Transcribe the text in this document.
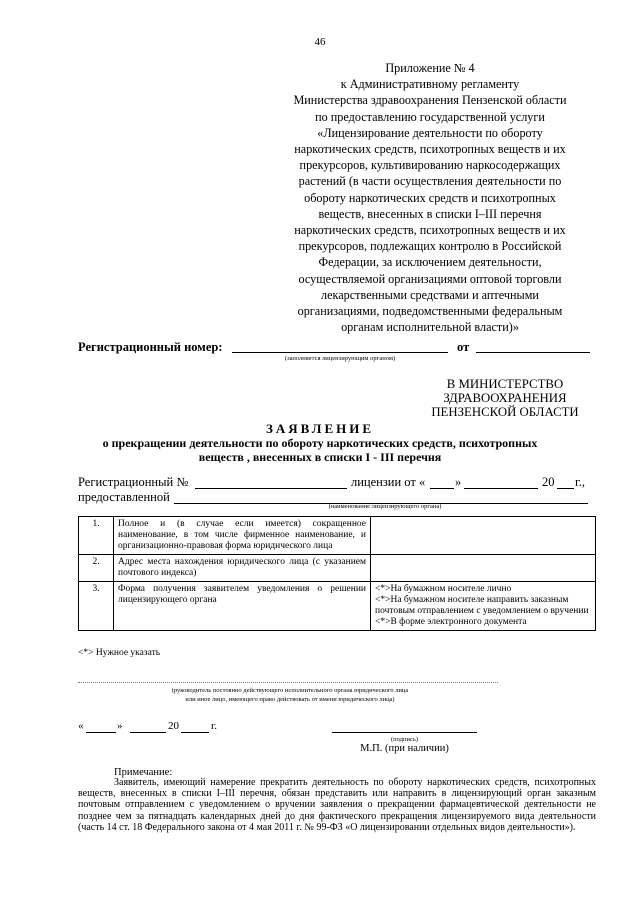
46
Приложение № 4
к Административному регламенту
Министерства здравоохранения Пензенской области
по предоставлению государственной услуги
«Лицензирование деятельности по обороту
наркотических средств, психотропных веществ и их
прекурсоров, культивированию наркосодержащих
растений (в части осуществления деятельности по
обороту наркотических средств и психотропных
веществ, внесенных в списки I–III перечня
наркотических средств, психотропных веществ и их
прекурсоров, подлежащих контролю в Российской
Федерации, за исключением деятельности,
осуществляемой организациями оптовой торговли
лекарственными средствами и аптечными
организациями, подведомственными федеральным
органам исполнительной власти)»
Регистрационный номер:	от
(заполняется лицензирующим органом)
В МИНИСТЕРСТВО
ЗДРАВООХРАНЕНИЯ
ПЕНЗЕНСКОЙ ОБЛАСТИ
ЗАЯВЛЕНИЕ
о прекращении деятельности по обороту наркотических средств, психотропных
веществ , внесенных в списки I - III перечня
Регистрационный №	лицензии от « »	20 г.,
предоставленной
(наименование лицензирующего органа)
1.	Полное и (в случае если имеется) сокращенное наименование, в том числе фирменное наименование, и организационно-правовая форма юридического лица	
2.	Адрес места нахождения юридического лица (с указанием почтового индекса)	
3.	Форма получения заявителем уведомления о решении лицензирующего органа	<*>На бумажном носителе лично
<*>На бумажном носителе направить заказным почтовым отправлением с уведомлением о вручении
<*>В форме электронного документа
<*> Нужное указать
(руководитель постоянно действующего исполнительного органа юридического лица
или иное лицо, имеющего право действовать от имени юридического лица)
«	»	20	г.
(подпись)
М.П. (при наличии)
Примечание:
Заявитель, имеющий намерение прекратить деятельность по обороту наркотических средств, психотропных веществ, внесенных в списки I–III перечня, обязан представить или направить в лицензирующий орган заказным почтовым отправлением с уведомлением о вручении заявления о прекращении фармацевтической деятельности не позднее чем за пятнадцать календарных дней до дня фактического прекращения лицензируемого вида деятельности (часть 14 ст. 18 Федерального закона от 4 мая 2011 г. № 99-ФЗ «О лицензировании отдельных видов деятельности»).
